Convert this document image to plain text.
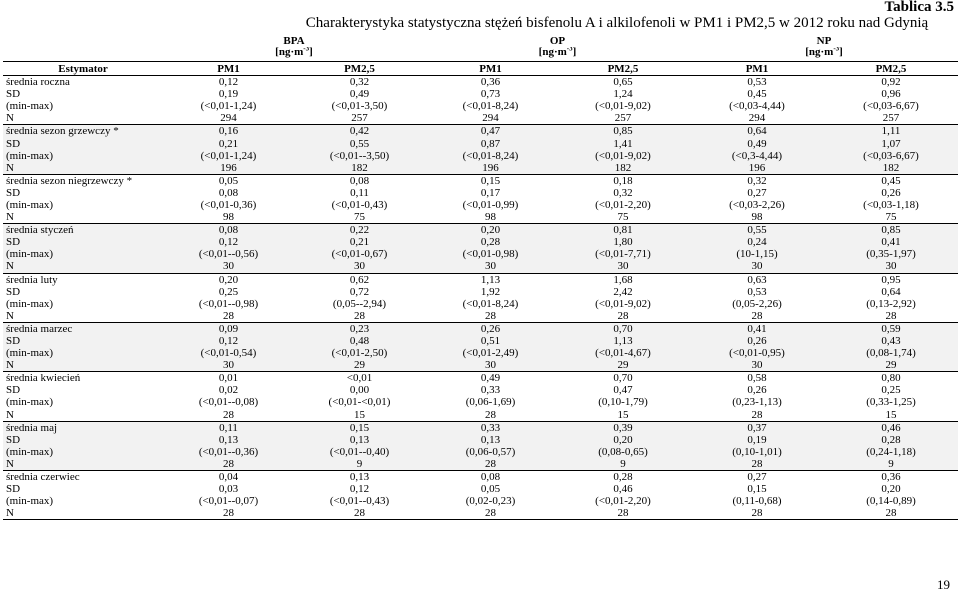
Tablica 3.5
Charakterystyka statystyczna stężeń bisfenolu A i alkilofenoli w PM1 i PM2,5 w 2012 roku nad Gdynią
	BPA		OP		NP	
	$[ng\cdot m^{-3}]$		$[ng\cdot m^{-3}]$		$[ng\cdot m^{-3}]$	
Estymator	PM1	PM2,5	PM1	PM2,5	PM1	PM2,5
średnia roczna	0,12	0,32	0,36	0,65	0,53	0,92
SD	0,19	0,49	0,73	1,24	0,45	0,96
(min-max)	(<0,01-1,24)	(<0,01-3,50)	(<0,01-8,24)	(<0,01-9,02)	(<0,03-4,44)	(<0,03-6,67)
N	294	257	294	257	294	257
średnia sezon grzewczy *	0,16	0,42	0,47	0,85	0,64	1,11
SD	0,21	0,55	0,87	1,41	0,49	1,07
(min-max)	(<0,01-1,24)	(<0,01--3,50)	(<0,01-8,24)	(<0,01-9,02)	(<0,3-4,44)	(<0,03-6,67)
N	196	182	196	182	196	182
średnia sezon niegrzewczy *	0,05	0,08	0,15	0,18	0,32	0,45
SD	0,08	0,11	0,17	0,32	0,27	0,26
(min-max)	(<0,01-0,36)	(<0,01-0,43)	(<0,01-0,99)	(<0,01-2,20)	(<0,03-2,26)	(<0,03-1,18)
N	98	75	98	75	98	75
średnia styczeń	0,08	0,22	0,20	0,81	0,55	0,85
SD	0,12	0,21	0,28	1,80	0,24	0,41
(min-max)	(<0,01--0,56)	(<0,01-0,67)	(<0,01-0,98)	(<0,01-7,71)	(10-1,15)	(0,35-1,97)
N	30	30	30	30	30	30
średnia luty	0,20	0,62	1,13	1,68	0,63	0,95
SD	0,25	0,72	1,92	2,42	0,53	0,64
(min-max)	(<0,01--0,98)	(0,05--2,94)	(<0,01-8,24)	(<0,01-9,02)	(0,05-2,26)	(0,13-2,92)
N	28	28	28	28	28	28
średnia marzec	0,09	0,23	0,26	0,70	0,41	0,59
SD	0,12	0,48	0,51	1,13	0,26	0,43
(min-max)	(<0,01-0,54)	(<0,01-2,50)	(<0,01-2,49)	(<0,01-4,67)	(<0,01-0,95)	(0,08-1,74)
N	30	29	30	29	30	29
średnia kwiecień	0,01	<0,01	0,49	0,70	0,58	0,80
SD	0,02	0,00	0,33	0,47	0,26	0,25
(min-max)	(<0,01--0,08)	(<0,01-<0,01)	(0,06-1,69)	(0,10-1,79)	(0,23-1,13)	(0,33-1,25)
N	28	15	28	15	28	15
średnia maj	0,11	0,15	0,33	0,39	0,37	0,46
SD	0,13	0,13	0,13	0,20	0,19	0,28
(min-max)	(<0,01--0,36)	(<0,01--0,40)	(0,06-0,57)	(0,08-0,65)	(0,10-1,01)	(0,24-1,18)
N	28	9	28	9	28	9
średnia czerwiec	0,04	0,13	0,08	0,28	0,27	0,36
SD	0,03	0,12	0,05	0,46	0,15	0,20
(min-max)	(<0,01--0,07)	(<0,01--0,43)	(0,02-0,23)	(<0,01-2,20)	(0,11-0,68)	(0,14-0,89)
N	28	28	28	28	28	28
19
